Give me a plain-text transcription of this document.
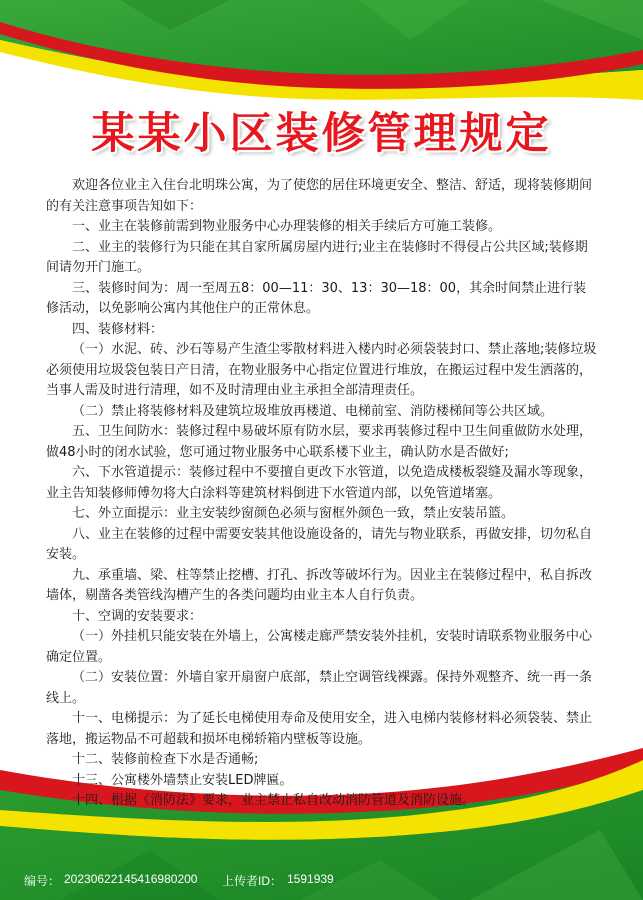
某某小区装修管理规定

欢迎各位业主入住台北明珠公寓，为了使您的居住环境更安全、整洁、舒适，现将装修期间的有关注意事项告知如下：

一、业主在装修前需到物业服务中心办理装修的相关手续后方可施工装修。

二、业主的装修行为只能在其自家所属房屋内进行;业主在装修时不得侵占公共区域;装修期间请勿开门施工。

三、装修时间为：周一至周五8：00—11：30、13：30—18：00，其余时间禁止进行装修活动，以免影响公寓内其他住户的正常休息。

四、装修材料：

（一）水泥、砖、沙石等易产生渣尘零散材料进入楼内时必须袋装封口、禁止落地;装修垃圾必须使用垃圾袋包装日产日清，在物业服务中心指定位置进行堆放，在搬运过程中发生洒落的，当事人需及时进行清理，如不及时清理由业主承担全部清理责任。

（二）禁止将装修材料及建筑垃圾堆放再楼道、电梯前室、消防楼梯间等公共区域。

五、卫生间防水：装修过程中易破坏原有防水层，要求再装修过程中卫生间重做防水处理，做48小时的闭水试验，您可通过物业服务中心联系楼下业主，确认防水是否做好;

六、下水管道提示：装修过程中不要擅自更改下水管道，以免造成楼板裂缝及漏水等现象，业主告知装修师傅勿将大白涂料等建筑材料倒进下水管道内部，以免管道堵塞。

七、外立面提示：业主安装纱窗颜色必须与窗框外颜色一致，禁止安装吊篮。

八、业主在装修的过程中需要安装其他设施设备的，请先与物业联系，再做安排，切勿私自安装。

九、承重墙、梁、柱等禁止挖槽、打孔、拆改等破坏行为。因业主在装修过程中，私自拆改墙体，剔凿各类管线沟槽产生的各类问题均由业主本人自行负责。

十、空调的安装要求：

（一）外挂机只能安装在外墙上，公寓楼走廊严禁安装外挂机，安装时请联系物业服务中心确定位置。

（二）安装位置：外墙自家开扇窗户底部，禁止空调管线裸露。保持外观整齐、统一再一条线上。

十一、电梯提示：为了延长电梯使用寿命及使用安全，进入电梯内装修材料必须袋装、禁止落地，搬运物品不可超载和损坏电梯轿箱内壁板等设施。

十二、装修前检查下水是否通畅;

十三、公寓楼外墙禁止安装LED牌匾。

十四、根据《消防法》要求，业主禁止私自改动消防管道及消防设施。

编号： 20230622145416980200 上传者ID： 1591939
